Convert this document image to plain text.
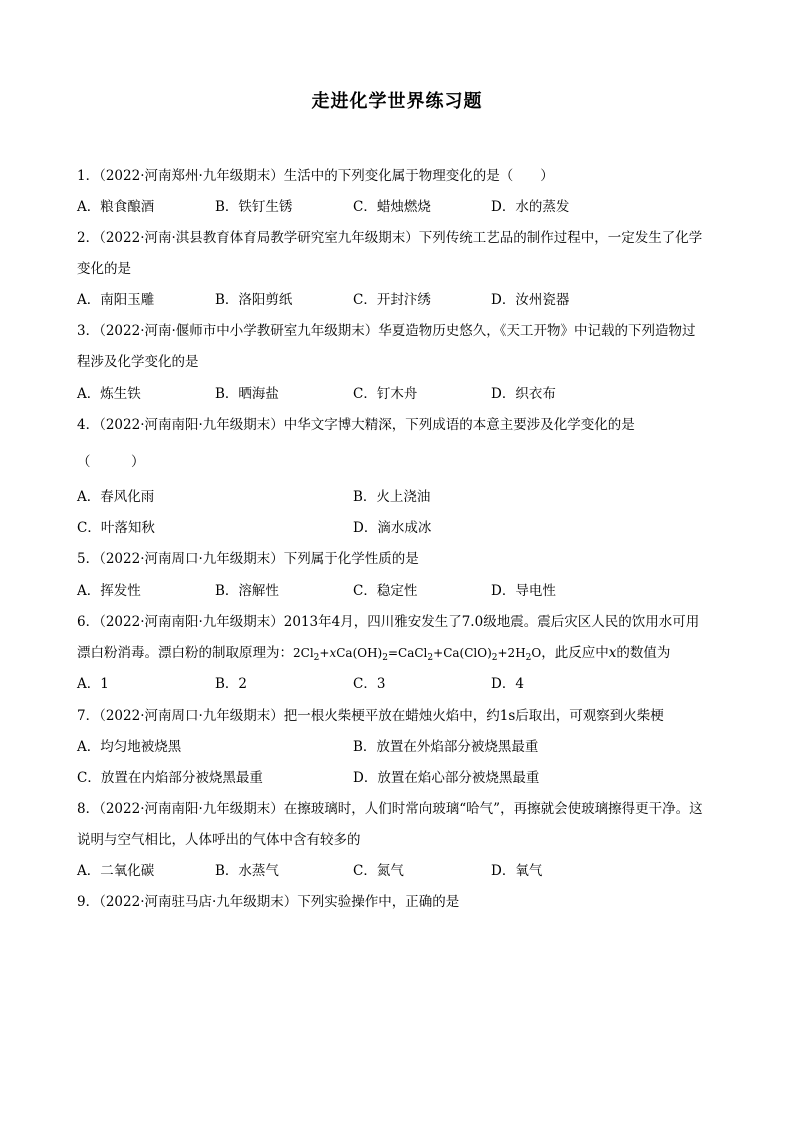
走进化学世界练习题
1．（2022·河南郑州·九年级期末）生活中的下列变化属于物理变化的是（　　）
A．粮食酿酒	B．铁钉生锈	C．蜡烛燃烧	D．水的蒸发
2．（2022·河南·淇县教育体育局教学研究室九年级期末）下列传统工艺品的制作过程中，一定发生了化学
变化的是
A．南阳玉雕	B．洛阳剪纸	C．开封汴绣	D．汝州瓷器
3．（2022·河南·偃师市中小学教研室九年级期末）华夏造物历史悠久，《天工开物》中记载的下列造物过
程涉及化学变化的是
A．炼生铁	B．晒海盐	C．钉木舟	D．织衣布
4．（2022·河南南阳·九年级期末）中华文字博大精深，下列成语的本意主要涉及化学变化的是
（　　　）
A．春风化雨	B．火上浇油
C．叶落知秋	D．滴水成冰
5．（2022·河南周口·九年级期末）下列属于化学性质的是
A．挥发性	B．溶解性	C．稳定性	D．导电性
6．（2022·河南南阳·九年级期末）2013年4月，四川雅安发生了7.0级地震。震后灾区人民的饮用水可用
漂白粉消毒。漂白粉的制取原理为：$2Cl_2+xCa(OH)_2=CaCl_2+Ca(ClO)_2+2H_2O$，此反应中x的数值为
A．1	B．2	C．3	D．4
7．（2022·河南周口·九年级期末）把一根火柴梗平放在蜡烛火焰中，约1s后取出，可观察到火柴梗
A．均匀地被烧黑	B．放置在外焰部分被烧黑最重
C．放置在内焰部分被烧黑最重	D．放置在焰心部分被烧黑最重
8．（2022·河南南阳·九年级期末）在擦玻璃时，人们时常向玻璃“哈气”，再擦就会使玻璃擦得更干净。这
说明与空气相比，人体呼出的气体中含有较多的
A．二氧化碳	B．水蒸气	C．氮气	D．氧气
9．（2022·河南驻马店·九年级期末）下列实验操作中，正确的是
